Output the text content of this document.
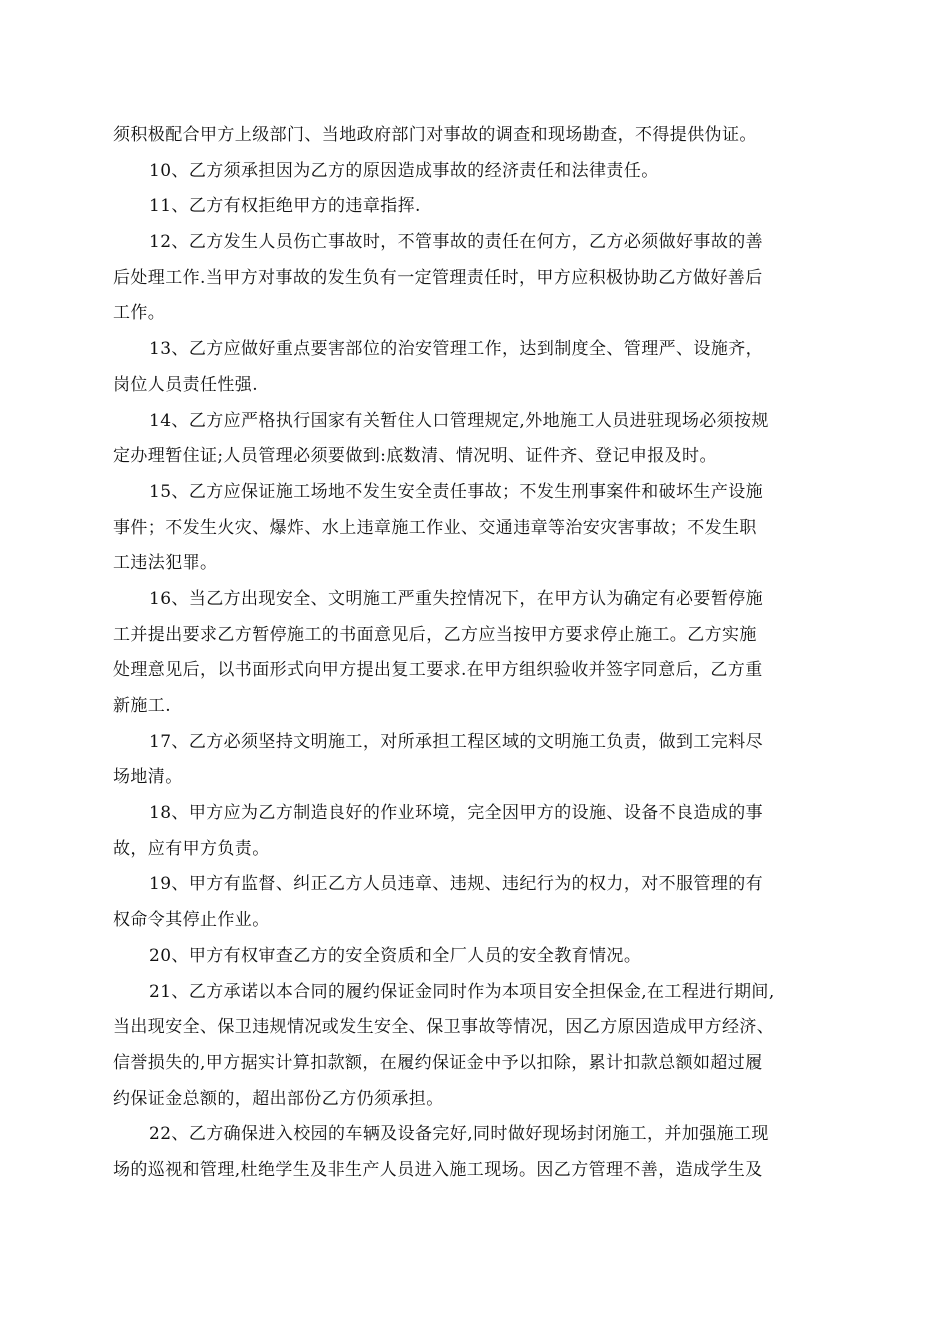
须积极配合甲方上级部门、当地政府部门对事故的调查和现场勘查，不得提供伪证。
10、乙方须承担因为乙方的原因造成事故的经济责任和法律责任。
11、乙方有权拒绝甲方的违章指挥.
12、乙方发生人员伤亡事故时，不管事故的责任在何方，乙方必须做好事故的善
后处理工作.当甲方对事故的发生负有一定管理责任时，甲方应积极协助乙方做好善后
工作。
13、乙方应做好重点要害部位的治安管理工作，达到制度全、管理严、设施齐，
岗位人员责任性强.
14、乙方应严格执行国家有关暂住人口管理规定,外地施工人员进驻现场必须按规
定办理暂住证;人员管理必须要做到:底数清、情况明、证件齐、登记申报及时。
15、乙方应保证施工场地不发生安全责任事故；不发生刑事案件和破坏生产设施
事件；不发生火灾、爆炸、水上违章施工作业、交通违章等治安灾害事故；不发生职
工违法犯罪。
16、当乙方出现安全、文明施工严重失控情况下，在甲方认为确定有必要暂停施
工并提出要求乙方暂停施工的书面意见后，乙方应当按甲方要求停止施工。乙方实施
处理意见后，以书面形式向甲方提出复工要求.在甲方组织验收并签字同意后，乙方重
新施工.
17、乙方必须坚持文明施工，对所承担工程区域的文明施工负责，做到工完料尽
场地清。
18、甲方应为乙方制造良好的作业环境，完全因甲方的设施、设备不良造成的事
故，应有甲方负责。
19、甲方有监督、纠正乙方人员违章、违规、违纪行为的权力，对不服管理的有
权命令其停止作业。
20、甲方有权审查乙方的安全资质和全厂人员的安全教育情况。
21、乙方承诺以本合同的履约保证金同时作为本项目安全担保金,在工程进行期间,
当出现安全、保卫违规情况或发生安全、保卫事故等情况，因乙方原因造成甲方经济、
信誉损失的,甲方据实计算扣款额，在履约保证金中予以扣除，累计扣款总额如超过履
约保证金总额的，超出部份乙方仍须承担。
22、乙方确保进入校园的车辆及设备完好,同时做好现场封闭施工，并加强施工现
场的巡视和管理,杜绝学生及非生产人员进入施工现场。因乙方管理不善，造成学生及
